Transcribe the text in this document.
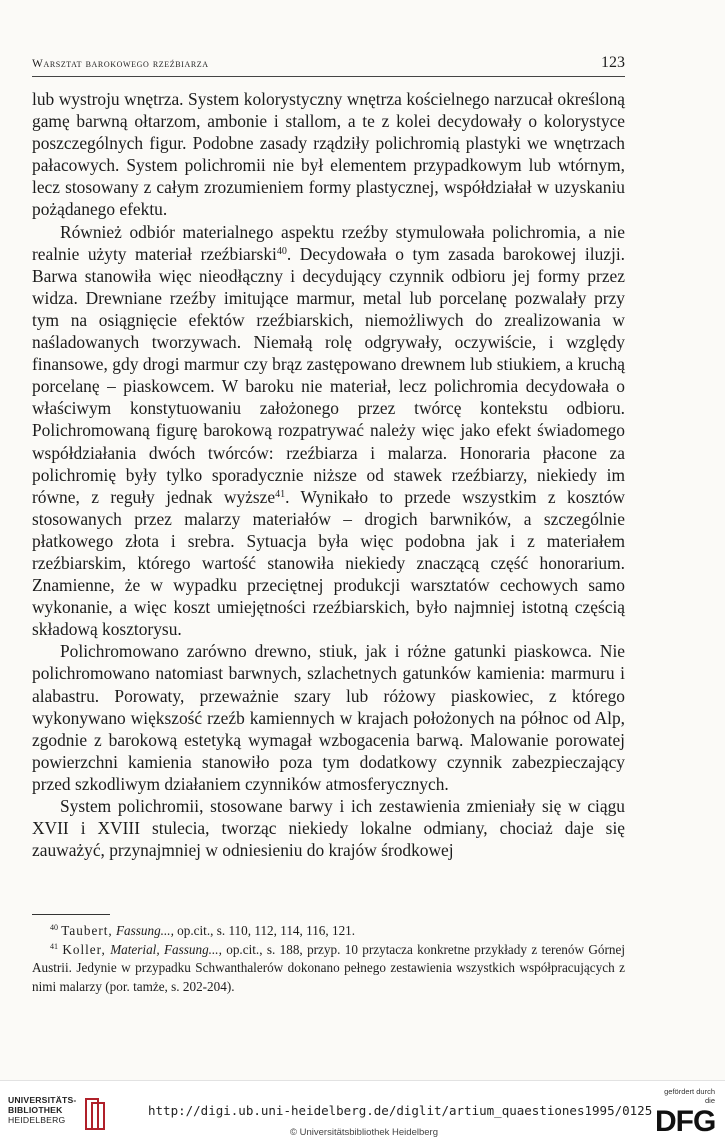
Warsztat barokowego rzeźbiarza	123

lub wystroju wnętrza. System kolorystyczny wnętrza kościelnego narzucał określoną gamę barwną ołtarzom, ambonie i stallom, a te z kolei decydowały o kolorystyce poszczególnych figur. Podobne zasady rządziły polichromią plastyki we wnętrzach pałacowych. System polichromii nie był elementem przypadkowym lub wtórnym, lecz stosowany z całym zrozumieniem formy plastycznej, współdziałał w uzyskaniu pożądanego efektu.

Również odbiór materialnego aspektu rzeźby stymulowała polichromia, a nie realnie użyty materiał rzeźbiarski$^{40}$. Decydowała o tym zasada barokowej iluzji. Barwa stanowiła więc nieodłączny i decydujący czynnik odbioru jej formy przez widza. Drewniane rzeźby imitujące marmur, metal lub porcelanę pozwalały przy tym na osiągnięcie efektów rzeźbiarskich, niemożliwych do zrealizowania w naśladowanych tworzywach. Niemałą rolę odgrywały, oczywiście, i względy finansowe, gdy drogi marmur czy brąz zastępowano drewnem lub stiukiem, a kruchą porcelanę – piaskowcem. W baroku nie materiał, lecz polichromia decydowała o właściwym konstytuowaniu założonego przez twórcę kontekstu odbioru. Polichromowaną figurę barokową rozpatrywać należy więc jako efekt świadomego współdziałania dwóch twórców: rzeźbiarza i malarza. Honoraria płacone za polichromię były tylko sporadycznie niższe od stawek rzeźbiarzy, niekiedy im równe, z reguły jednak wyższe$^{41}$. Wynikało to przede wszystkim z kosztów stosowanych przez malarzy materiałów – drogich barwników, a szczególnie płatkowego złota i srebra. Sytuacja była więc podobna jak i z materiałem rzeźbiarskim, którego wartość stanowiła niekiedy znaczącą część honorarium. Znamienne, że w wypadku przeciętnej produkcji warsztatów cechowych samo wykonanie, a więc koszt umiejętności rzeźbiarskich, było najmniej istotną częścią składową kosztorysu.

Polichromowano zarówno drewno, stiuk, jak i różne gatunki piaskowca. Nie polichromowano natomiast barwnych, szlachetnych gatunków kamienia: marmuru i alabastru. Porowaty, przeważnie szary lub różowy piaskowiec, z którego wykonywano większość rzeźb kamiennych w krajach położonych na północ od Alp, zgodnie z barokową estetyką wymagał wzbogacenia barwą. Malowanie porowatej powierzchni kamienia stanowiło poza tym dodatkowy czynnik zabezpieczający przed szkodliwym działaniem czynników atmosferycznych.

System polichromii, stosowane barwy i ich zestawienia zmieniały się w ciągu XVII i XVIII stulecia, tworząc niekiedy lokalne odmiany, chociaż daje się zauważyć, przynajmniej w odniesieniu do krajów środkowej

$^{40}$ Taubert, Fassung..., op.cit., s. 110, 112, 114, 116, 121.

$^{41}$ Koller, Material, Fassung..., op.cit., s. 188, przyp. 10 przytacza konkretne przykłady z terenów Górnej Austrii. Jedynie w przypadku Schwanthalerów dokonano pełnego zestawienia wszystkich współpracujących z nimi malarzy (por. tamże, s. 202-204).

UNIVERSITÄTS-
BIBLIOTHEK
HEIDELBERG
http://digi.ub.uni-heidelberg.de/diglit/artium_quaestiones1995/0125
© Universitätsbibliothek Heidelberg
gefördert durch die
DFG
